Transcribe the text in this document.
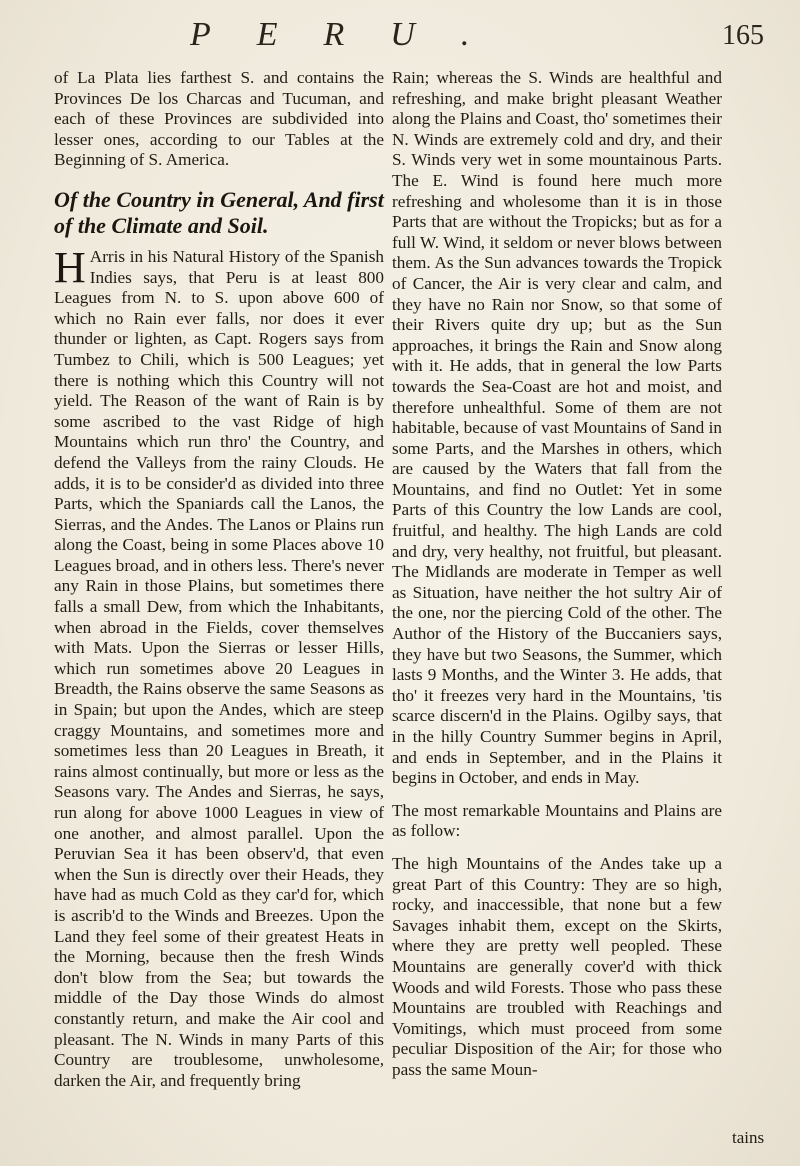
PERU.	165

of La Plata lies farthest S. and contains the Provinces De los Charcas and Tucuman, and each of these Provinces are subdivided into lesser ones, according to our Tables at the Beginning of S. America.

Of the Country in General, And first of the Climate and Soil.

H Arris in his Natural History of the Spanish Indies says, that Peru is at least 800 Leagues from N. to S. upon above 600 of which no Rain ever falls, nor does it ever thunder or lighten, as Capt. Rogers says from Tumbez to Chili, which is 500 Leagues; yet there is nothing which this Country will not yield. The Reason of the want of Rain is by some ascribed to the vast Ridge of high Mountains which run thro' the Country, and defend the Valleys from the rainy Clouds. He adds, it is to be consider'd as divided into three Parts, which the Spaniards call the Lanos, the Sierras, and the Andes. The Lanos or Plains run along the Coast, being in some Places above 10 Leagues broad, and in others less. There's never any Rain in those Plains, but sometimes there falls a small Dew, from which the Inhabitants, when abroad in the Fields, cover themselves with Mats. Upon the Sierras or lesser Hills, which run sometimes above 20 Leagues in Breadth, the Rains observe the same Seasons as in Spain; but upon the Andes, which are steep craggy Mountains, and sometimes more and sometimes less than 20 Leagues in Breath, it rains almost continually, but more or less as the Seasons vary. The Andes and Sierras, he says, run along for above 1000 Leagues in view of one another, and almost parallel. Upon the Peruvian Sea it has been observ'd, that even when the Sun is directly over their Heads, they have had as much Cold as they car'd for, which is ascrib'd to the Winds and Breezes. Upon the Land they feel some of their greatest Heats in the Morning, because then the fresh Winds don't blow from the Sea; but towards the middle of the Day those Winds do almost constantly return, and make the Air cool and pleasant. The N. Winds in many Parts of this Country are troublesome, unwholesome, darken the Air, and frequently bring

Rain; whereas the S. Winds are healthful and refreshing, and make bright pleasant Weather along the Plains and Coast, tho' sometimes their N. Winds are extremely cold and dry, and their S. Winds very wet in some mountainous Parts. The E. Wind is found here much more refreshing and wholesome than it is in those Parts that are without the Tropicks; but as for a full W. Wind, it seldom or never blows between them. As the Sun advances towards the Tropick of Cancer, the Air is very clear and calm, and they have no Rain nor Snow, so that some of their Rivers quite dry up; but as the Sun approaches, it brings the Rain and Snow along with it. He adds, that in general the low Parts towards the Sea-Coast are hot and moist, and therefore unhealthful. Some of them are not habitable, because of vast Mountains of Sand in some Parts, and the Marshes in others, which are caused by the Waters that fall from the Mountains, and find no Outlet: Yet in some Parts of this Country the low Lands are cool, fruitful, and healthy. The high Lands are cold and dry, very healthy, not fruitful, but pleasant. The Midlands are moderate in Temper as well as Situation, have neither the hot sultry Air of the one, nor the piercing Cold of the other. The Author of the History of the Buccaniers says, they have but two Seasons, the Summer, which lasts 9 Months, and the Winter 3. He adds, that tho' it freezes very hard in the Mountains, 'tis scarce discern'd in the Plains. Ogilby says, that in the hilly Country Summer begins in April, and ends in September, and in the Plains it begins in October, and ends in May.

The most remarkable Mountains and Plains are as follow:

The high Mountains of the Andes take up a great Part of this Country: They are so high, rocky, and inaccessible, that none but a few Savages inhabit them, except on the Skirts, where they are pretty well peopled. These Mountains are generally cover'd with thick Woods and wild Forests. Those who pass these Mountains are troubled with Reachings and Vomitings, which must proceed from some peculiar Disposition of the Air; for those who pass the same Moun-

tains
